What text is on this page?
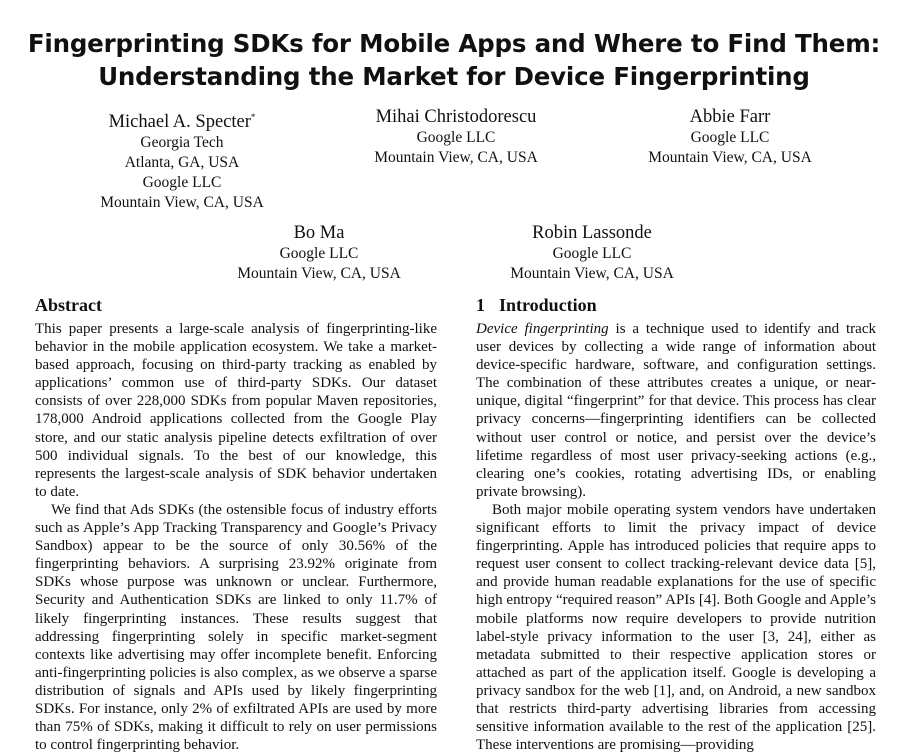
Fingerprinting SDKs for Mobile Apps and Where to Find Them:
Understanding the Market for Device Fingerprinting
Michael A. Specter*
Georgia Tech
Atlanta, GA, USA
Google LLC
Mountain View, CA, USA
Mihai Christodorescu
Google LLC
Mountain View, CA, USA
Abbie Farr
Google LLC
Mountain View, CA, USA
Bo Ma
Google LLC
Mountain View, CA, USA
Robin Lassonde
Google LLC
Mountain View, CA, USA
Abstract

This paper presents a large-scale analysis of fingerprinting-like behavior in the mobile application ecosystem. We take a market-based approach, focusing on third-party tracking as enabled by applications’ common use of third-party SDKs. Our dataset consists of over 228,000 SDKs from popular Maven repositories, 178,000 Android applications collected from the Google Play store, and our static analysis pipeline detects exfiltration of over 500 individual signals. To the best of our knowledge, this represents the largest-scale analysis of SDK behavior undertaken to date.

We find that Ads SDKs (the ostensible focus of industry efforts such as Apple’s App Tracking Transparency and Google’s Privacy Sandbox) appear to be the source of only 30.56% of the fingerprinting behaviors. A surprising 23.92% originate from SDKs whose purpose was unknown or unclear. Furthermore, Security and Authentication SDKs are linked to only 11.7% of likely fingerprinting instances. These results suggest that addressing fingerprinting solely in specific market-segment contexts like advertising may offer incomplete benefit. Enforcing anti-fingerprinting policies is also complex, as we observe a sparse distribution of signals and APIs used by likely fingerprinting SDKs. For instance, only 2% of exfiltrated APIs are used by more than 75% of SDKs, making it difficult to rely on user permissions to control fingerprinting behavior.

1 Introduction

Device fingerprinting is a technique used to identify and track user devices by collecting a wide range of information about device-specific hardware, software, and configuration settings. The combination of these attributes creates a unique, or near-unique, digital “fingerprint” for that device. This process has clear privacy concerns—fingerprinting identifiers can be collected without user control or notice, and persist over the device’s lifetime regardless of most user privacy-seeking actions (e.g., clearing one’s cookies, rotating advertising IDs, or enabling private browsing).

Both major mobile operating system vendors have undertaken significant efforts to limit the privacy impact of device fingerprinting. Apple has introduced policies that require apps to request user consent to collect tracking-relevant device data [5], and provide human readable explanations for the use of specific high entropy “required reason” APIs [4]. Both Google and Apple’s mobile platforms now require developers to provide nutrition label-style privacy information to the user [3, 24], either as metadata submitted to their respective application stores or attached as part of the application itself. Google is developing a privacy sandbox for the web [1], and, on Android, a new sandbox that restricts third-party advertising libraries from accessing sensitive information available to the rest of the application [25]. These interventions are promising—providing
